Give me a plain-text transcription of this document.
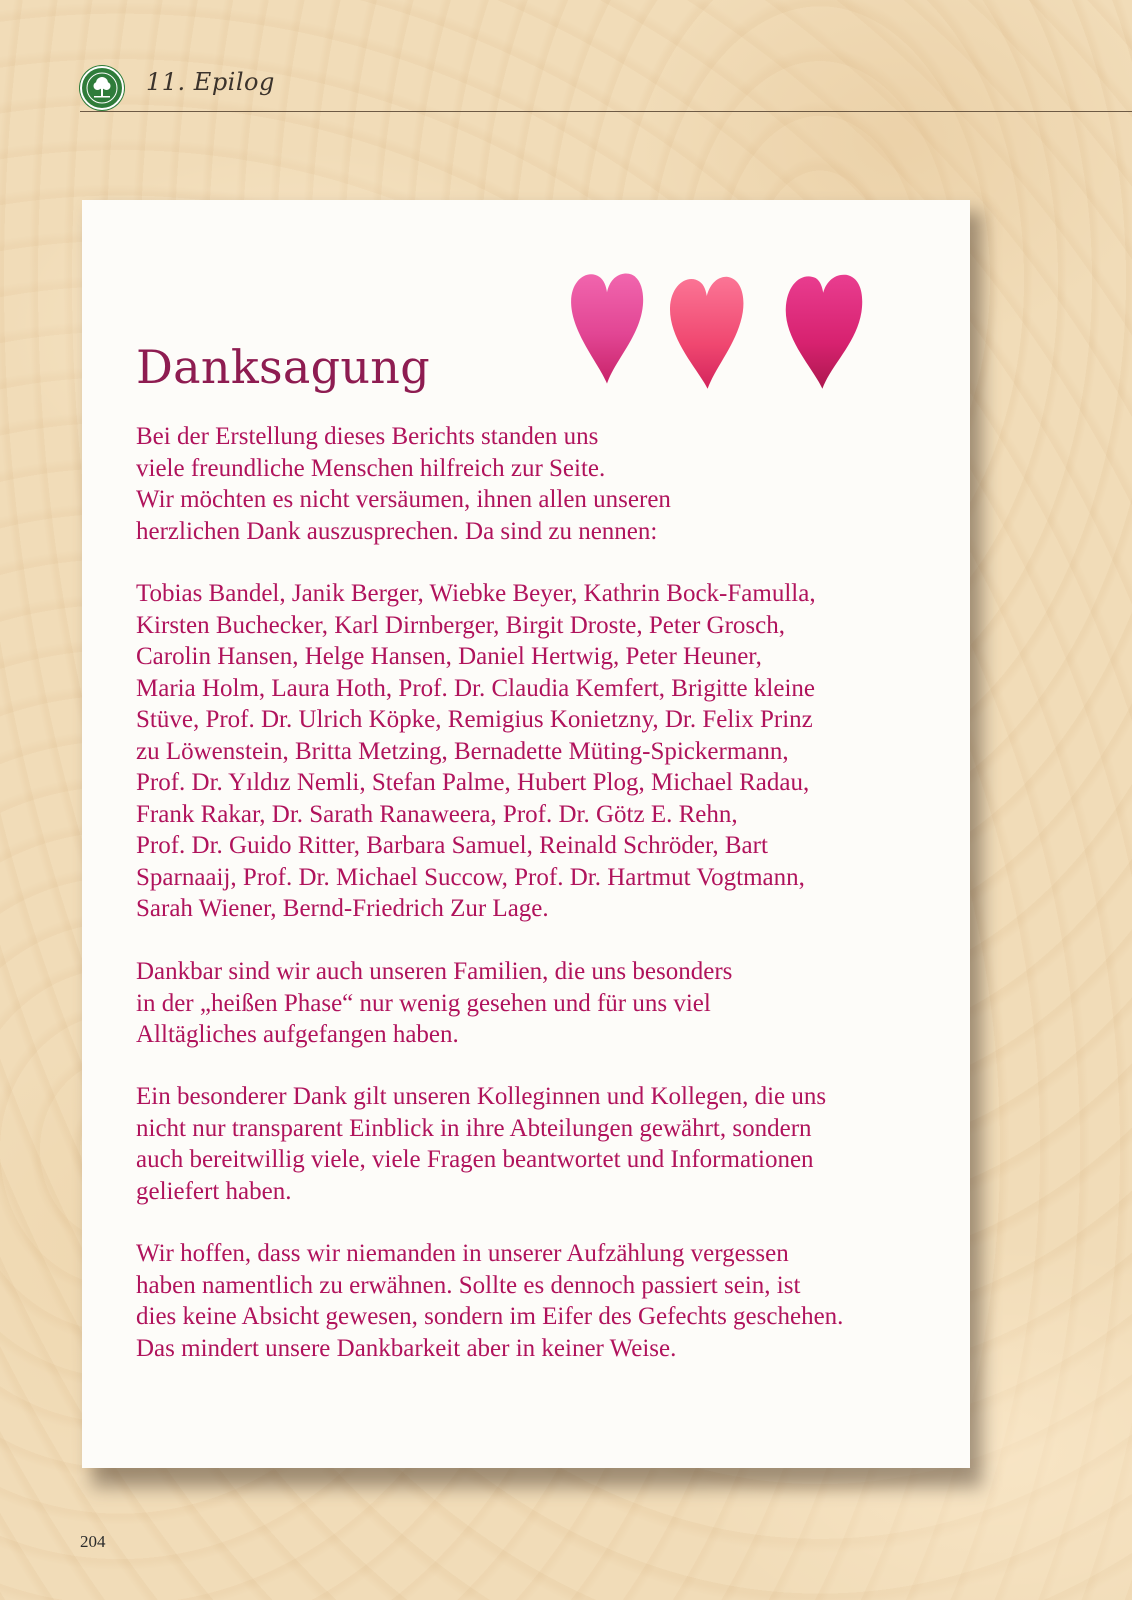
11. Epilog
Danksagung
Bei der Erstellung dieses Berichts standen uns
viele freundliche Menschen hilfreich zur Seite.
Wir möchten es nicht versäumen, ihnen allen unseren
herzlichen Dank auszusprechen. Da sind zu nennen:
Tobias Bandel, Janik Berger, Wiebke Beyer, Kathrin Bock-Famulla,
Kirsten Buchecker, Karl Dirnberger, Birgit Droste, Peter Grosch,
Carolin Hansen, Helge Hansen, Daniel Hertwig, Peter Heuner,
Maria Holm, Laura Hoth, Prof. Dr. Claudia Kemfert, Brigitte kleine
Stüve, Prof. Dr. Ulrich Köpke, Remigius Konietzny, Dr. Felix Prinz
zu Löwenstein, Britta Metzing, Bernadette Müting-Spickermann,
Prof. Dr. Yıldız Nemli, Stefan Palme, Hubert Plog, Michael Radau,
Frank Rakar, Dr. Sarath Ranaweera, Prof. Dr. Götz E. Rehn,
Prof. Dr. Guido Ritter, Barbara Samuel, Reinald Schröder, Bart
Sparnaaij, Prof. Dr. Michael Succow, Prof. Dr. Hartmut Vogtmann,
Sarah Wiener, Bernd-Friedrich Zur Lage.
Dankbar sind wir auch unseren Familien, die uns besonders
in der „heißen Phase“ nur wenig gesehen und für uns viel
Alltägliches aufgefangen haben.
Ein besonderer Dank gilt unseren Kolleginnen und Kollegen, die uns
nicht nur transparent Einblick in ihre Abteilungen gewährt, sondern
auch bereitwillig viele, viele Fragen beantwortet und Informationen
geliefert haben.
Wir hoffen, dass wir niemanden in unserer Aufzählung vergessen
haben namentlich zu erwähnen. Sollte es dennoch passiert sein, ist
dies keine Absicht gewesen, sondern im Eifer des Gefechts geschehen.
Das mindert unsere Dankbarkeit aber in keiner Weise.
204
